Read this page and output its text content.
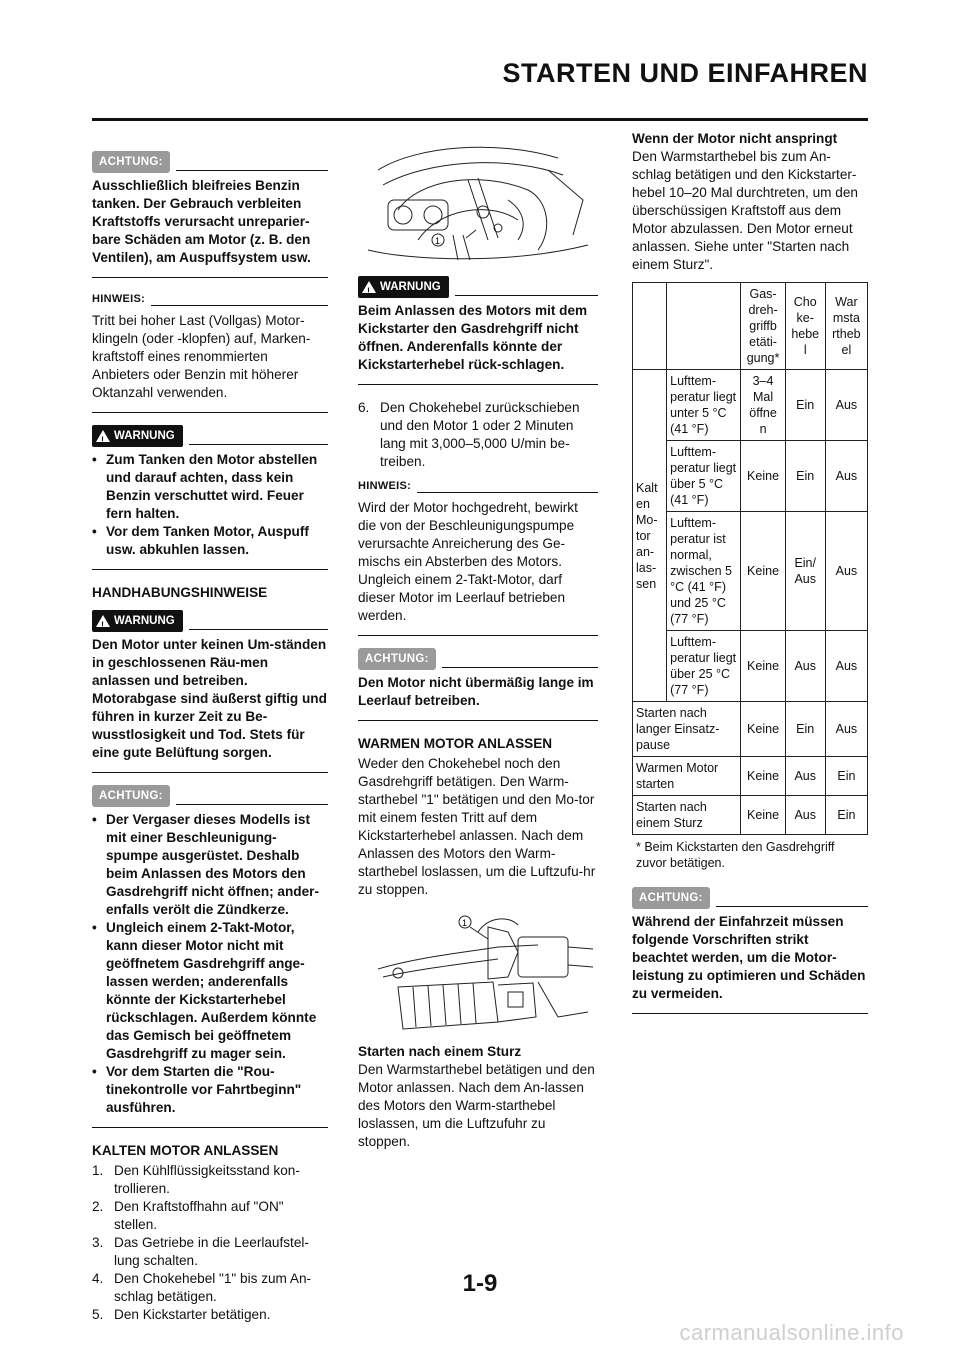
STARTEN UND EINFAHREN
ACHTUNG:

Ausschließlich bleifreies Benzin tanken. Der Gebrauch verbleiten Kraftstoffs verursacht unreparier-bare Schäden am Motor (z. B. den Ventilen), am Auspuffsystem usw.

HINWEIS:

Tritt bei hoher Last (Vollgas) Motor-klingeln (oder -klopfen) auf, Marken-kraftstoff eines renommierten Anbieters oder Benzin mit höherer Oktanzahl verwenden.

!
WARNUNG
• Zum Tanken den Motor abstellen und darauf achten, dass kein Benzin verschuttet wird. Feuer fern halten.
• Vor dem Tanken Motor, Auspuff usw. abkuhlen lassen.
HANDHABUNGSHINWEISE
!
WARNUNG

Den Motor unter keinen Um-ständen in geschlossenen Räu-men anlassen und betreiben. Motorabgase sind äußerst giftig und führen in kurzer Zeit zu Be-wusstlosigkeit und Tod. Stets für eine gute Belüftung sorgen.

ACHTUNG:
• Der Vergaser dieses Modells ist mit einer Beschleunigung-spumpe ausgerüstet. Deshalb beim Anlassen des Motors den Gasdrehgriff nicht öffnen; ander-enfalls verölt die Zündkerze.
• Ungleich einem 2-Takt-Motor, kann dieser Motor nicht mit geöffnetem Gasdrehgriff ange-lassen werden; anderenfalls könnte der Kickstarterhebel rückschlagen. Außerdem könnte das Gemisch bei geöffnetem Gasdrehgriff zu mager sein.
• Vor dem Starten die "Rou-tinekontrolle vor Fahrtbeginn" ausführen.
KALTEN MOTOR ANLASSEN
1. Den Kühlflüssigkeitsstand kon-trollieren.
2. Den Kraftstoffhahn auf "ON" stellen.
3. Das Getriebe in die Leerlaufstel-lung schalten.
4. Den Chokehebel "1" bis zum An-schlag betätigen.
5. Den Kickstarter betätigen.
1
!
WARNUNG

Beim Anlassen des Motors mit dem Kickstarter den Gasdrehgriff nicht öffnen. Anderenfalls könnte der Kickstarterhebel rück-schlagen.

6. Den Chokehebel zurückschieben und den Motor 1 oder 2 Minuten lang mit 3,000–5,000 U/min be-treiben.
HINWEIS:

Wird der Motor hochgedreht, bewirkt die von der Beschleunigungspumpe verursachte Anreicherung des Ge-mischs ein Absterben des Motors. Ungleich einem 2-Takt-Motor, darf dieser Motor im Leerlauf betrieben werden.

ACHTUNG:

Den Motor nicht übermäßig lange im Leerlauf betreiben.

WARMEN MOTOR ANLASSEN

Weder den Chokehebel noch den Gasdrehgriff betätigen. Den Warm-starthebel "1" betätigen und den Mo-tor mit einem festen Tritt auf dem Kickstarterhebel anlassen. Nach dem Anlassen des Motors den Warm-starthebel loslassen, um die Luftzufu-hr zu stoppen.

1

Starten nach einem Sturz

Den Warmstarthebel betätigen und den Motor anlassen. Nach dem An-lassen des Motors den Warm-starthebel loslassen, um die Luftzufuhr zu stoppen.

Wenn der Motor nicht anspringt

Den Warmstarthebel bis zum An-schlag betätigen und den Kickstarter-hebel 10–20 Mal durchtreten, um den überschüssigen Kraftstoff aus dem Motor abzulassen. Den Motor erneut anlassen. Siehe unter "Starten nach einem Sturz".

		Gas-dreh-griffb etäti-gung*	Cho ke-hebe l	War msta rtheb el
Kalt en Mo-tor an-las-sen	Lufttem-peratur liegt unter 5 °C (41 °F)	3–4 Mal öffne n	Ein	Aus
	Lufttem-peratur liegt über 5 °C (41 °F)	Keine	Ein	Aus
	Lufttem-peratur ist normal, zwischen 5 °C (41 °F) und 25 °C (77 °F)	Keine	Ein/ Aus	Aus
	Lufttem-peratur liegt über 25 °C (77 °F)	Keine	Aus	Aus
Starten nach langer Einsatz-pause		Keine	Ein	Aus
Warmen Motor starten		Keine	Aus	Ein
Starten nach einem Sturz		Keine	Aus	Ein

* Beim Kickstarten den Gasdrehgriff zuvor betätigen.

ACHTUNG:

Während der Einfahrzeit müssen folgende Vorschriften strikt beachtet werden, um die Motor-leistung zu optimieren und Schäden zu vermeiden.

1-9
carmanualsonline.info
